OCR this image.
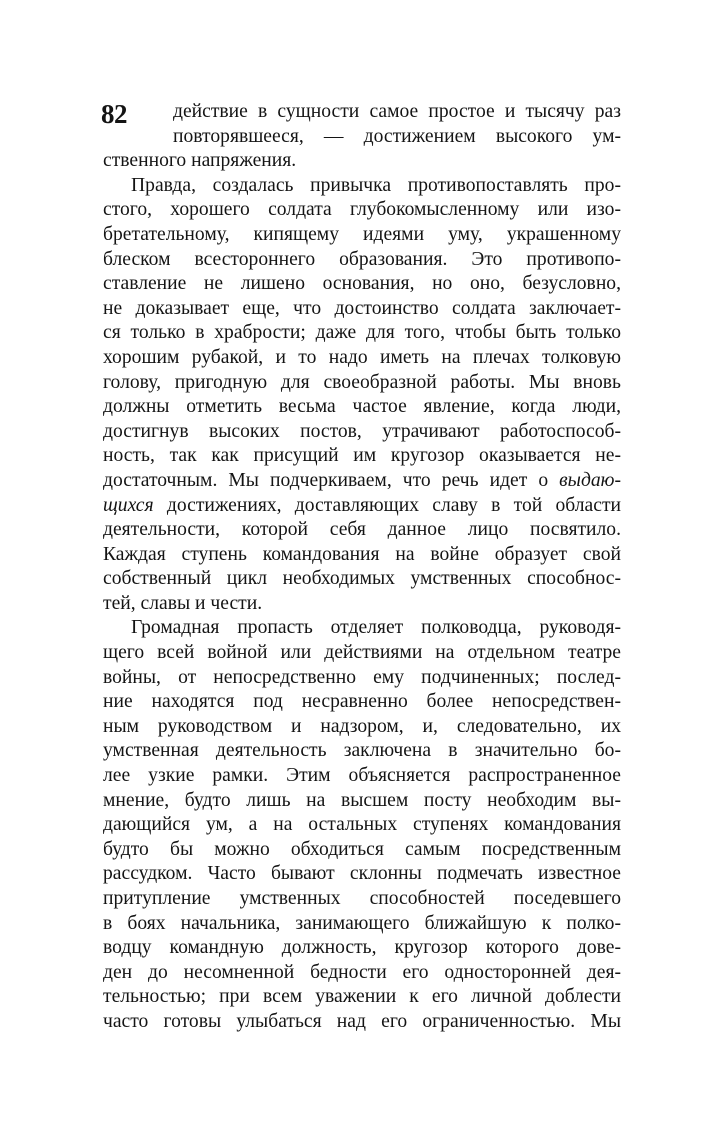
82	действие в сущности самое простое и тысячу раз
повторявшееся, — достижением высокого ум-
ственного напряжения.
Правда, создалась привычка противопоставлять про-
стого, хорошего солдата глубокомысленному или изо-
бретательному, кипящему идеями уму, украшенному
блеском всестороннего образования. Это противопо-
ставление не лишено основания, но оно, безусловно,
не доказывает еще, что достоинство солдата заключает-
ся только в храбрости; даже для того, чтобы быть только
хорошим рубакой, и то надо иметь на плечах толковую
голову, пригодную для своеобразной работы. Мы вновь
должны отметить весьма частое явление, когда люди,
достигнув высоких постов, утрачивают работоспособ-
ность, так как присущий им кругозор оказывается не-
достаточным. Мы подчеркиваем, что речь идет о выдаю-
щихся достижениях, доставляющих славу в той области
деятельности, которой себя данное лицо посвятило.
Каждая ступень командования на войне образует свой
собственный цикл необходимых умственных способнос-
тей, славы и чести.
Громадная пропасть отделяет полководца, руководя-
щего всей войной или действиями на отдельном театре
войны, от непосредственно ему подчиненных; послед-
ние находятся под несравненно более непосредствен-
ным руководством и надзором, и, следовательно, их
умственная деятельность заключена в значительно бо-
лее узкие рамки. Этим объясняется распространенное
мнение, будто лишь на высшем посту необходим вы-
дающийся ум, а на остальных ступенях командования
будто бы можно обходиться самым посредственным
рассудком. Часто бывают склонны подмечать известное
притупление умственных способностей поседевшего
в боях начальника, занимающего ближайшую к полко-
водцу командную должность, кругозор которого дове-
ден до несомненной бедности его односторонней дея-
тельностью; при всем уважении к его личной доблести
часто готовы улыбаться над его ограниченностью. Мы
